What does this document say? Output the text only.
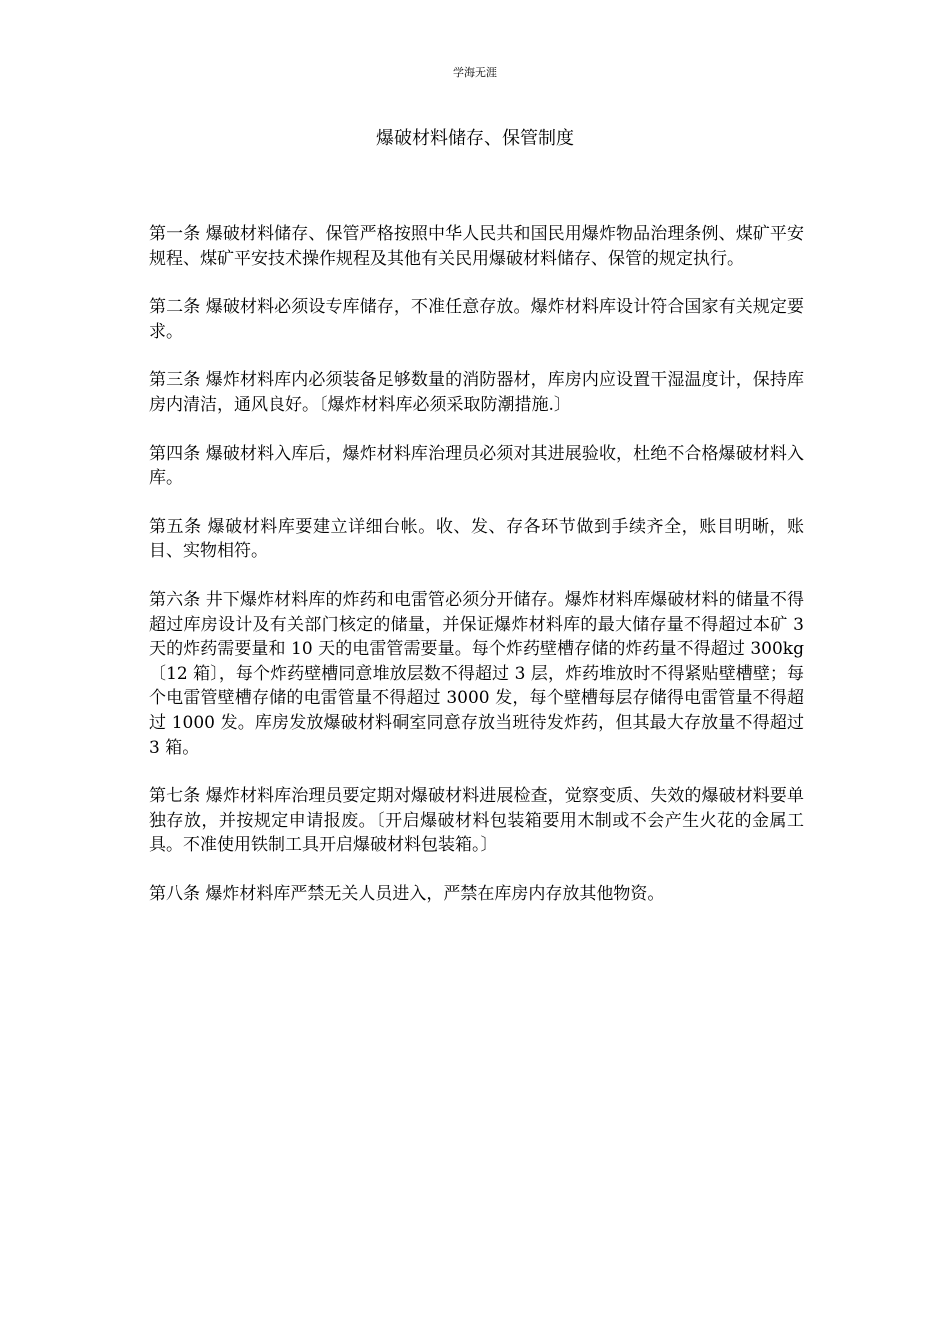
学海无涯
爆破材料储存、保管制度

第一条 爆破材料储存、保管严格按照中华人民共和国民用爆炸物品治理条例、煤矿平安规程、煤矿平安技术操作规程及其他有关民用爆破材料储存、保管的规定执行。

第二条 爆破材料必须设专库储存，不准任意存放。爆炸材料库设计符合国家有关规定要求。

第三条 爆炸材料库内必须装备足够数量的消防器材，库房内应设置干湿温度计，保持库房内清洁，通风良好。〔爆炸材料库必须采取防潮措施.〕

第四条 爆破材料入库后，爆炸材料库治理员必须对其进展验收，杜绝不合格爆破材料入库。

第五条 爆破材料库要建立详细台帐。收、发、存各环节做到手续齐全，账目明晰，账目、实物相符。

第六条 井下爆炸材料库的炸药和电雷管必须分开储存。爆炸材料库爆破材料的储量不得超过库房设计及有关部门核定的储量，并保证爆炸材料库的最大储存量不得超过本矿 3 天的炸药需要量和 10 天的电雷管需要量。每个炸药壁槽存储的炸药量不得超过 300kg〔12 箱〕，每个炸药壁槽同意堆放层数不得超过 3 层，炸药堆放时不得紧贴壁槽壁；每个电雷管壁槽存储的电雷管量不得超过 3000 发，每个壁槽每层存储得电雷管量不得超过 1000 发。库房发放爆破材料硐室同意存放当班待发炸药，但其最大存放量不得超过 3 箱。

第七条 爆炸材料库治理员要定期对爆破材料进展检查，觉察变质、失效的爆破材料要单独存放，并按规定申请报废。〔开启爆破材料包装箱要用木制或不会产生火花的金属工具。不准使用铁制工具开启爆破材料包装箱。〕

第八条 爆炸材料库严禁无关人员进入，严禁在库房内存放其他物资。
